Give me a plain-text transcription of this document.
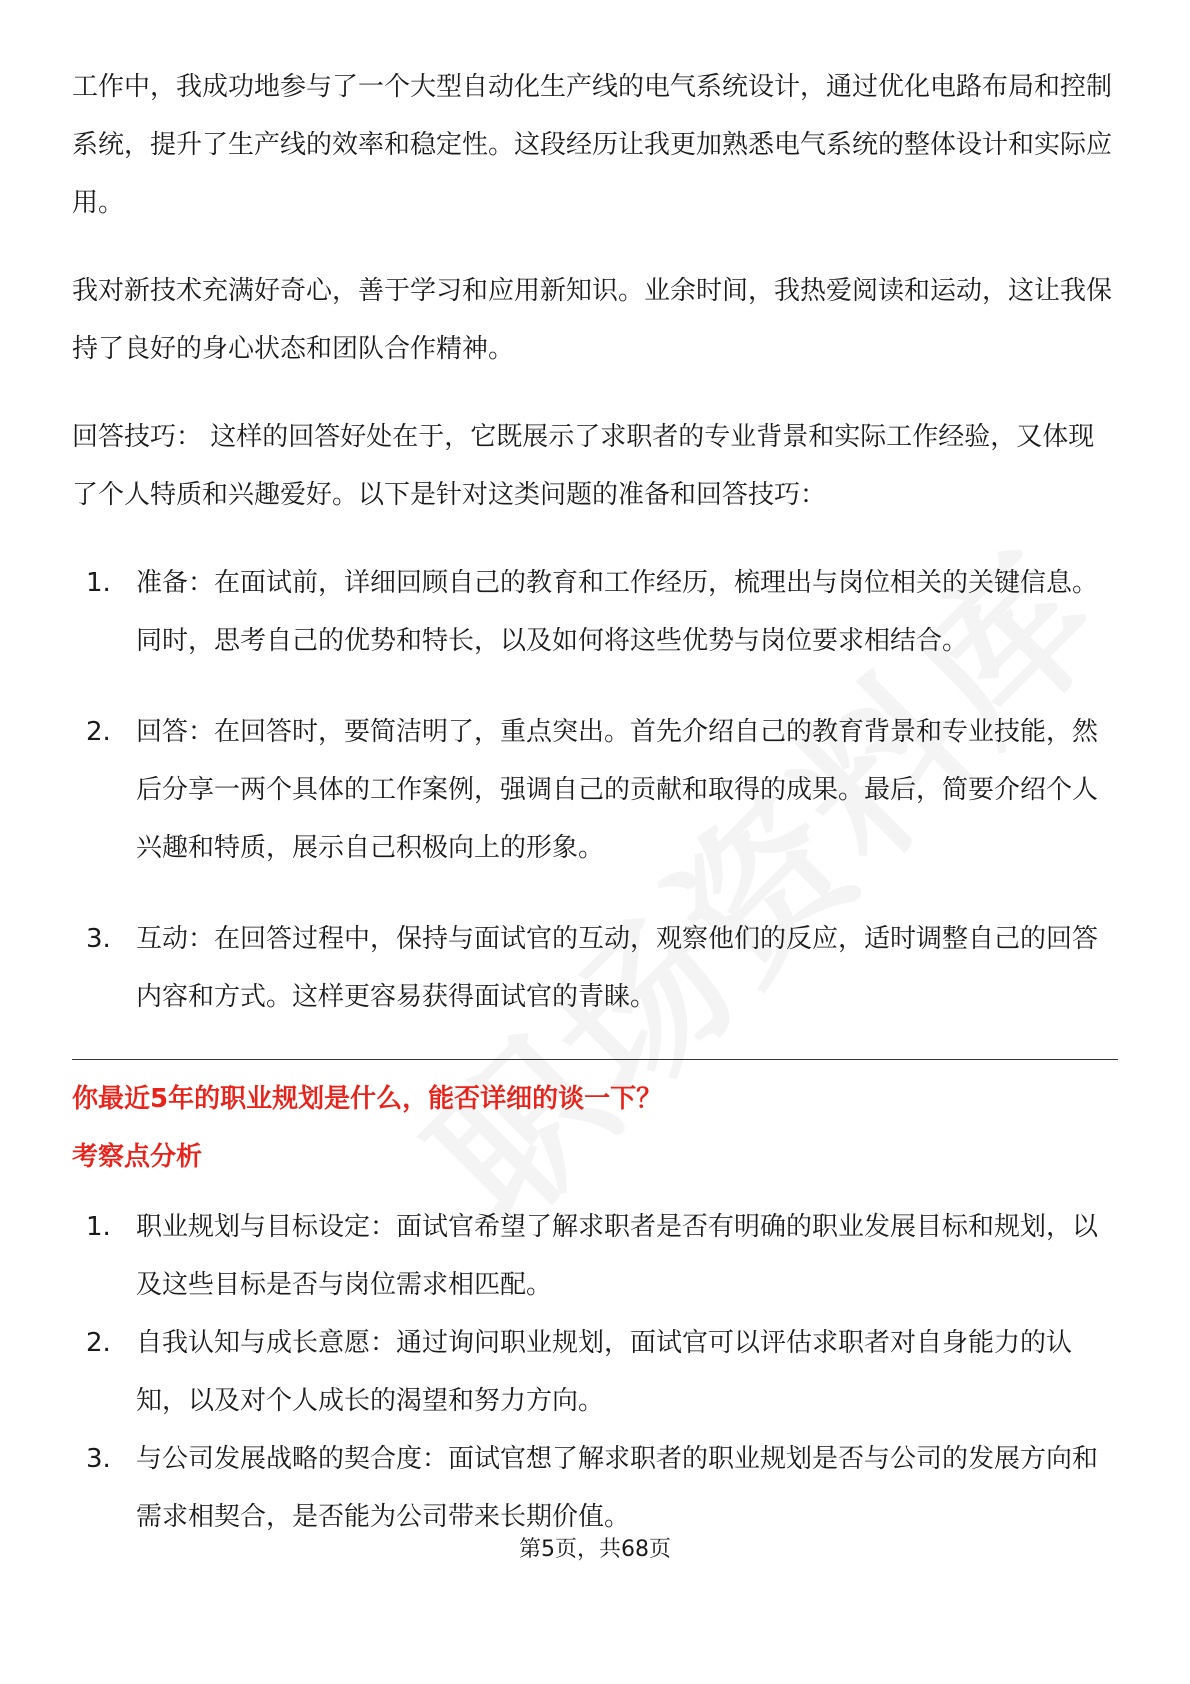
工作中，我成功地参与了一个大型自动化生产线的电气系统设计，通过优化电路布局和控制系统，提升了生产线的效率和稳定性。这段经历让我更加熟悉电气系统的整体设计和实际应用。

我对新技术充满好奇心，善于学习和应用新知识。业余时间，我热爱阅读和运动，这让我保持了良好的身心状态和团队合作精神。

回答技巧： 这样的回答好处在于，它既展示了求职者的专业背景和实际工作经验，又体现了个人特质和兴趣爱好。以下是针对这类问题的准备和回答技巧：

1. 准备：在面试前，详细回顾自己的教育和工作经历，梳理出与岗位相关的关键信息。同时，思考自己的优势和特长，以及如何将这些优势与岗位要求相结合。
2. 回答：在回答时，要简洁明了，重点突出。首先介绍自己的教育背景和专业技能，然后分享一两个具体的工作案例，强调自己的贡献和取得的成果。最后，简要介绍个人兴趣和特质，展示自己积极向上的形象。
3. 互动：在回答过程中，保持与面试官的互动，观察他们的反应，适时调整自己的回答内容和方式。这样更容易获得面试官的青睐。
你最近5年的职业规划是什么，能否详细的谈一下？
考察点分析
1. 职业规划与目标设定：面试官希望了解求职者是否有明确的职业发展目标和规划，以及这些目标是否与岗位需求相匹配。
2. 自我认知与成长意愿：通过询问职业规划，面试官可以评估求职者对自身能力的认知，以及对个人成长的渴望和努力方向。
3. 与公司发展战略的契合度：面试官想了解求职者的职业规划是否与公司的发展方向和需求相契合，是否能为公司带来长期价值。
第5页，共68页
